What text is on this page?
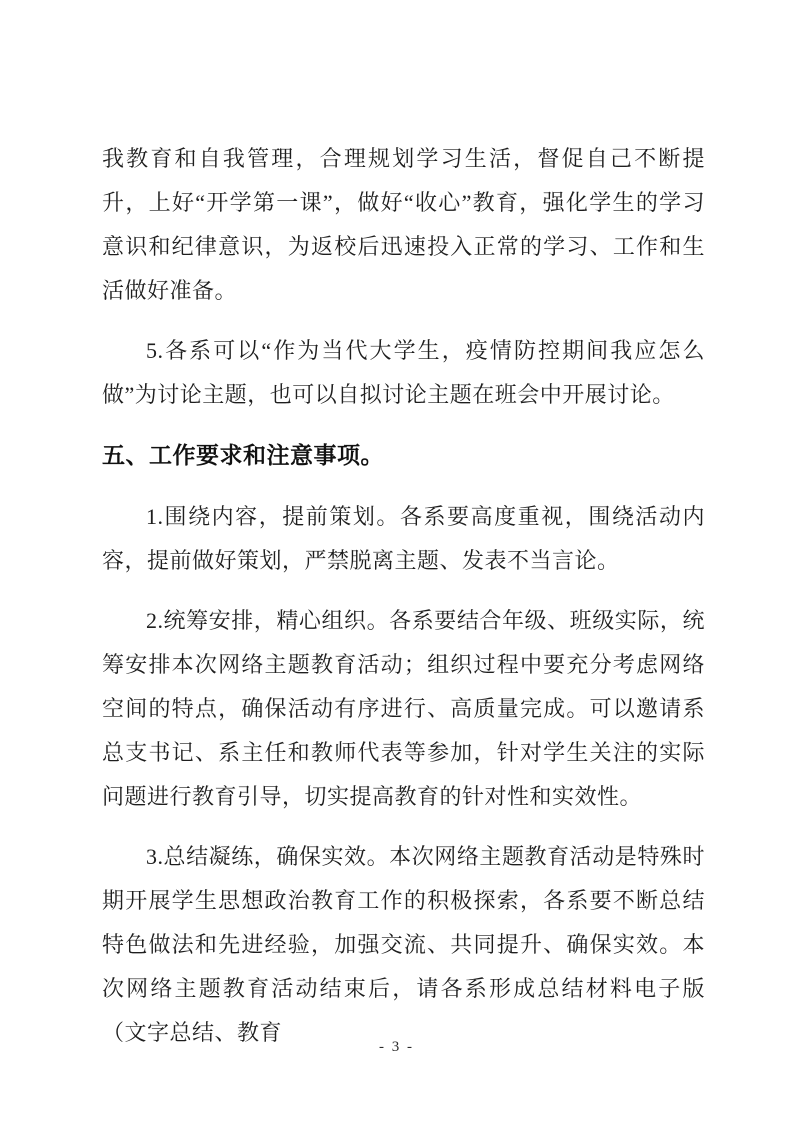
我教育和自我管理，合理规划学习生活，督促自己不断提升，上好“开学第一课”，做好“收心”教育，强化学生的学习意识和纪律意识，为返校后迅速投入正常的学习、工作和生活做好准备。

5.各系可以“作为当代大学生，疫情防控期间我应怎么做”为讨论主题，也可以自拟讨论主题在班会中开展讨论。

五、工作要求和注意事项。

1.围绕内容，提前策划。各系要高度重视，围绕活动内容，提前做好策划，严禁脱离主题、发表不当言论。

2.统筹安排，精心组织。各系要结合年级、班级实际，统筹安排本次网络主题教育活动；组织过程中要充分考虑网络空间的特点，确保活动有序进行、高质量完成。可以邀请系总支书记、系主任和教师代表等参加，针对学生关注的实际问题进行教育引导，切实提高教育的针对性和实效性。

3.总结凝练，确保实效。本次网络主题教育活动是特殊时期开展学生思想政治教育工作的积极探索，各系要不断总结特色做法和先进经验，加强交流、共同提升、确保实效。本次网络主题教育活动结束后，请各系形成总结材料电子版（文字总结、教育

- 3 -
